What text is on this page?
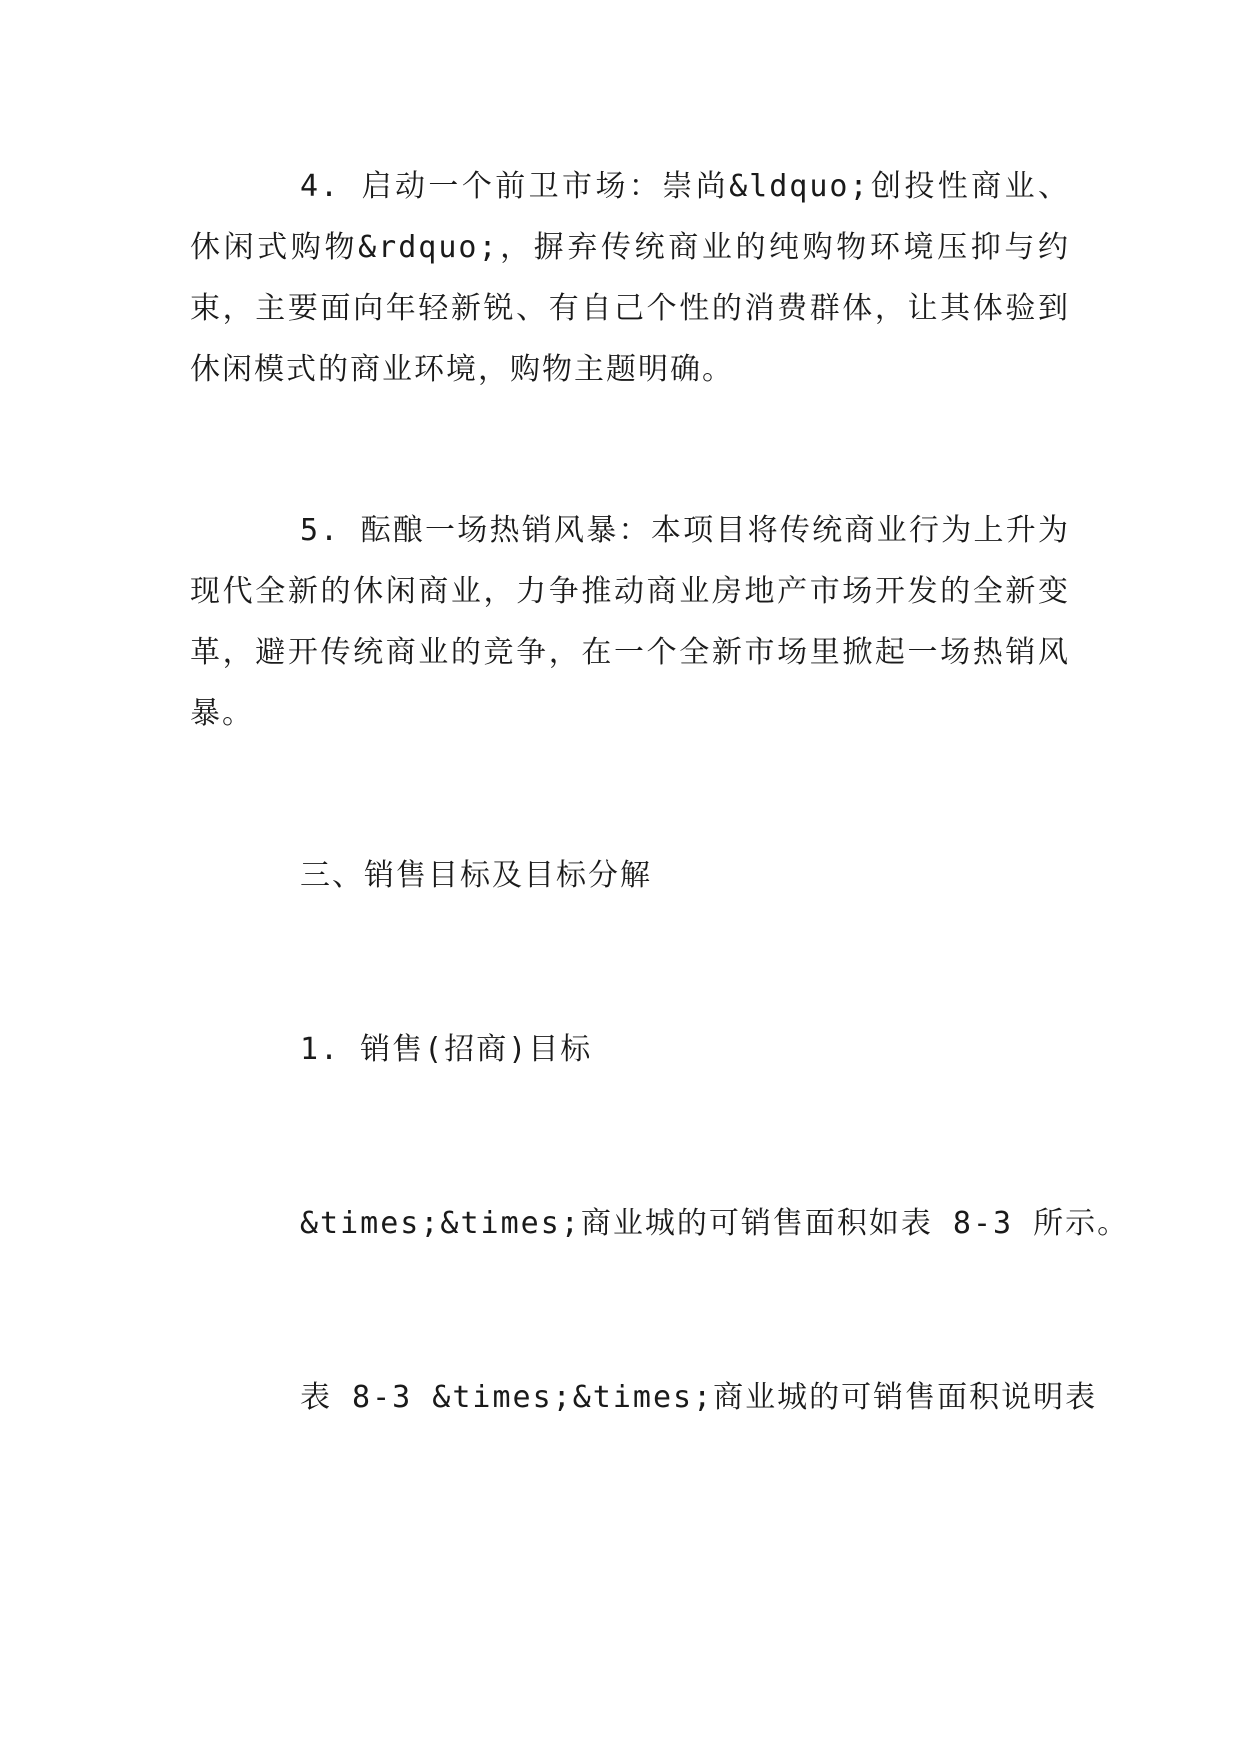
4. 启动一个前卫市场：崇尚&ldquo;创投性商业、休闲式购物&rdquo;，摒弃传统商业的纯购物环境压抑与约束，主要面向年轻新锐、有自己个性的消费群体，让其体验到休闲模式的商业环境，购物主题明确。

5. 酝酿一场热销风暴：本项目将传统商业行为上升为现代全新的休闲商业，力争推动商业房地产市场开发的全新变革，避开传统商业的竞争，在一个全新市场里掀起一场热销风暴。

三、销售目标及目标分解

1. 销售(招商)目标

&times;&times;商业城的可销售面积如表 8-3 所示。

表 8-3 &times;&times;商业城的可销售面积说明表
